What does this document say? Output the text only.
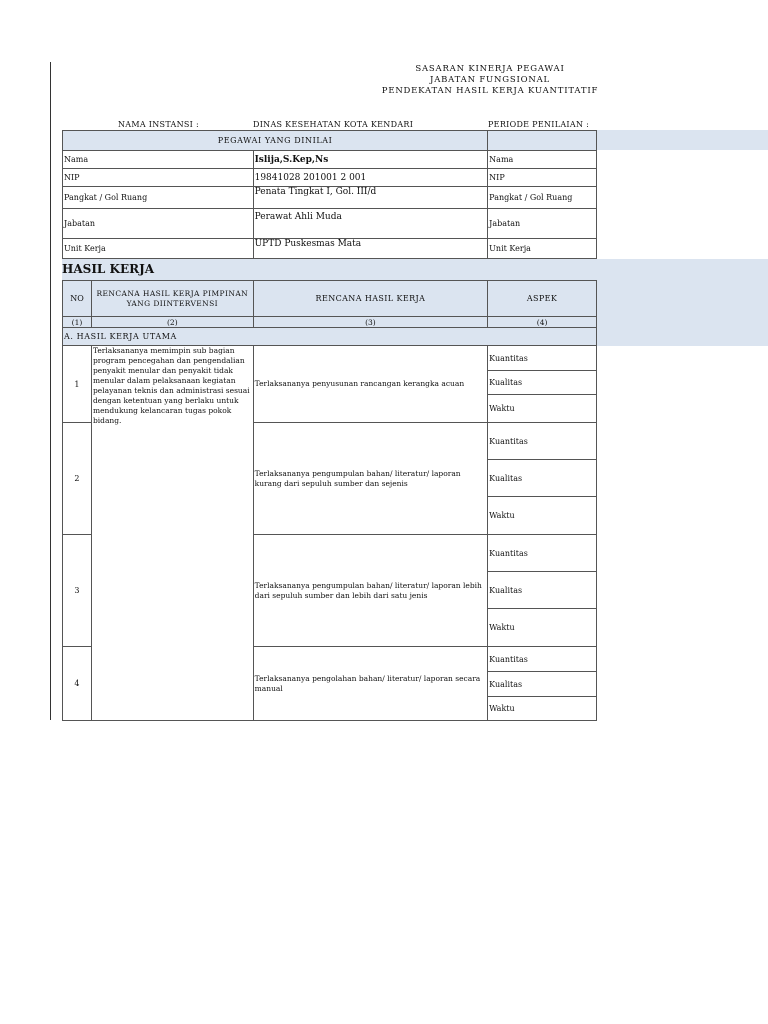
SASARAN KINERJA PEGAWAI
JABATAN FUNGSIONAL
PENDEKATAN HASIL KERJA KUANTITATIF
NAMA INSTANSI :	DINAS KESEHATAN KOTA KENDARI	PERIODE PENILAIAN :
PEGAWAI YANG DINILAI		
Nama	Islija,S.Kep,Ns	Nama
NIP	19841028 201001 2 001	NIP
Pangkat / Gol Ruang	Penata Tingkat I, Gol. III/d	Pangkat / Gol Ruang
Jabatan	Perawat Ahli Muda	Jabatan
Unit Kerja	UPTD Puskesmas Mata	Unit Kerja
HASIL KERJA
NO	RENCANA HASIL KERJA PIMPINAN YANG DIINTERVENSI	RENCANA HASIL KERJA	ASPEK
(1)	(2)	(3)	(4)
A. HASIL KERJA UTAMA			
1	Terlaksananya memimpin sub bagian program pencegahan dan pengendalian penyakit menular dan penyakit tidak menular dalam pelaksanaan kegiatan pelayanan teknis dan administrasi sesuai dengan ketentuan yang berlaku untuk mendukung kelancaran tugas pokok bidang.	Terlaksananya penyusunan rancangan kerangka acuan	Kuantitas
			Kualitas
			Waktu
2		Terlaksananya pengumpulan bahan/ literatur/ laporan kurang dari sepuluh sumber dan sejenis	Kuantitas
			Kualitas
			Waktu
3		Terlaksananya pengumpulan bahan/ literatur/ laporan lebih dari sepuluh sumber dan lebih dari satu jenis	Kuantitas
			Kualitas
			Waktu
4		Terlaksananya pengolahan bahan/ literatur/ laporan secara manual	Kuantitas
			Kualitas
			Waktu
